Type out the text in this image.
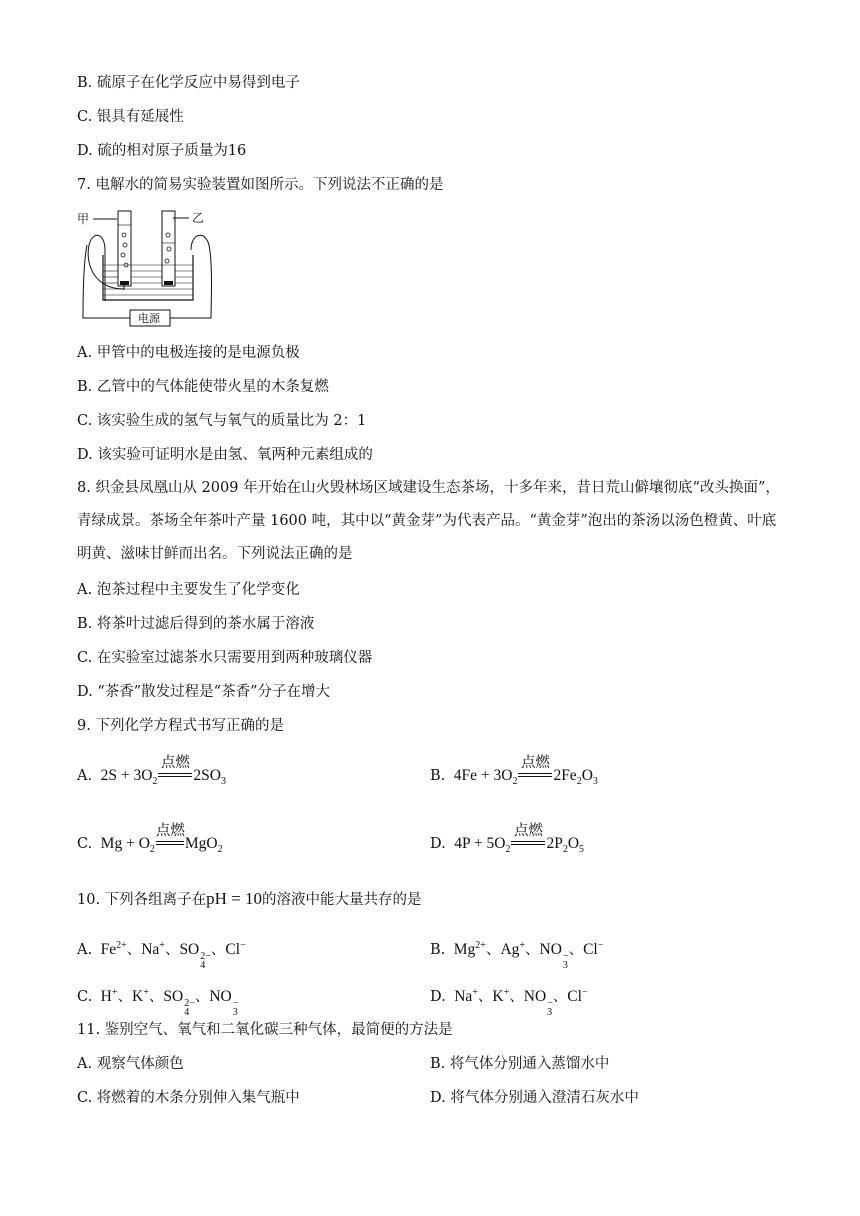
B. 硫原子在化学反应中易得到电子
C. 银具有延展性
D. 硫的相对原子质量为16
7. 电解水的简易实验装置如图所示。下列说法不正确的是
甲	乙
电源
A. 甲管中的电极连接的是电源负极
B. 乙管中的气体能使带火星的木条复燃
C. 该实验生成的氢气与氧气的质量比为 2：1
D. 该实验可证明水是由氢、氧两种元素组成的
8. 织金县凤凰山从 2009 年开始在山火毁林场区域建设生态茶场，十多年来，昔日荒山僻壤彻底“改头换面”，青绿成景。茶场全年茶叶产量 1600 吨，其中以“黄金芽”为代表产品。“黄金芽”泡出的茶汤以汤色橙黄、叶底明黄、滋味甘鲜而出名。下列说法正确的是
A. 泡茶过程中主要发生了化学变化
B. 将茶叶过滤后得到的茶水属于溶液
C. 在实验室过滤茶水只需要用到两种玻璃仪器
D. “茶香”散发过程是“茶香”分子在增大
9. 下列化学方程式书写正确的是
A.  $2S + 3O_2$
点燃
$2SO_3$	B.  $4Fe + 3O_2$
点燃
$2Fe_2O_3$
C.  $Mg + O_2$
点燃
MgO$_2$	D.  $4P + 5O_2$
点燃
$2P_2O_5$
10. 下列各组离子在pH = 10的溶液中能大量共存的是
A.  $Fe^{2+}$、Na+、SO 2−
4
、Cl−	B.  $Mg^{2+}$、Ag+、NO −
3
、Cl−
C.  H+、K+、SO 2−
4
、NO −
3
D.  Na+、K+、NO −
3
、Cl−
11. 鉴别空气、氧气和二氧化碳三种气体，最简便的方法是
A. 观察气体颜色	B. 将气体分别通入蒸馏水中
C. 将燃着的木条分别伸入集气瓶中	D. 将气体分别通入澄清石灰水中
